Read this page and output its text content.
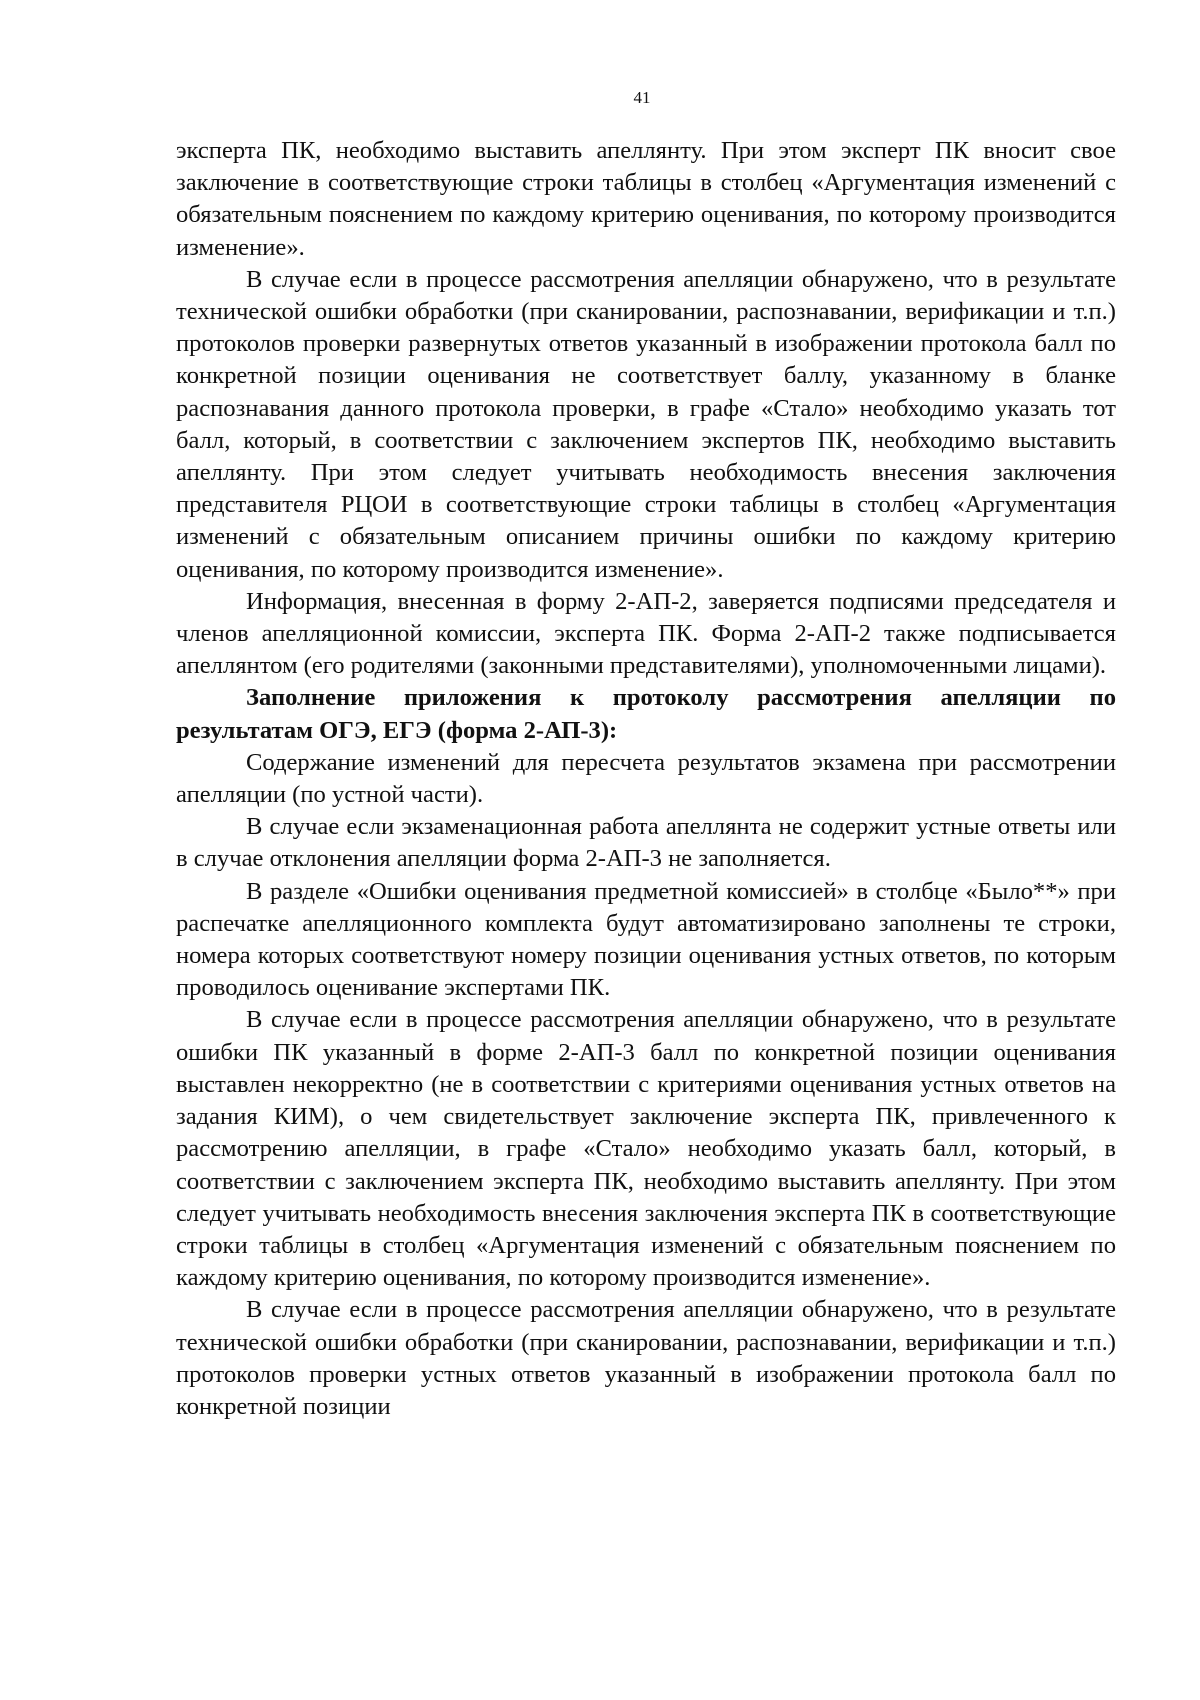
41

эксперта ПК, необходимо выставить апеллянту. При этом эксперт ПК вносит свое заключение в соответствующие строки таблицы в столбец «Аргументация изменений с обязательным пояснением по каждому критерию оценивания, по которому производится изменение».

В случае если в процессе рассмотрения апелляции обнаружено, что в результате технической ошибки обработки (при сканировании, распознавании, верификации и т.п.) протоколов проверки развернутых ответов указанный в изображении протокола балл по конкретной позиции оценивания не соответствует баллу, указанному в бланке распознавания данного протокола проверки, в графе «Стало» необходимо указать тот балл, который, в соответствии с заключением экспертов ПК, необходимо выставить апеллянту. При этом следует учитывать необходимость внесения заключения представителя РЦОИ в соответствующие строки таблицы в столбец «Аргументация изменений с обязательным описанием причины ошибки по каждому критерию оценивания, по которому производится изменение».

Информация, внесенная в форму 2-АП-2, заверяется подписями председателя и членов апелляционной комиссии, эксперта ПК. Форма 2-АП-2 также подписывается апеллянтом (его родителями (законными представителями), уполномоченными лицами).

Заполнение приложения к протоколу рассмотрения апелляции по результатам ОГЭ, ЕГЭ (форма 2-АП-3):

Содержание изменений для пересчета результатов экзамена при рассмотрении апелляции (по устной части).

В случае если экзаменационная работа апеллянта не содержит устные ответы или в случае отклонения апелляции форма 2-АП-3 не заполняется.

В разделе «Ошибки оценивания предметной комиссией» в столбце «Было**» при распечатке апелляционного комплекта будут автоматизировано заполнены те строки, номера которых соответствуют номеру позиции оценивания устных ответов, по которым проводилось оценивание экспертами ПК.

В случае если в процессе рассмотрения апелляции обнаружено, что в результате ошибки ПК указанный в форме 2-АП-3 балл по конкретной позиции оценивания выставлен некорректно (не в соответствии с критериями оценивания устных ответов на задания КИМ), о чем свидетельствует заключение эксперта ПК, привлеченного к рассмотрению апелляции, в графе «Стало» необходимо указать балл, который, в соответствии с заключением эксперта ПК, необходимо выставить апеллянту. При этом следует учитывать необходимость внесения заключения эксперта ПК в соответствующие строки таблицы в столбец «Аргументация изменений с обязательным пояснением по каждому критерию оценивания, по которому производится изменение».

В случае если в процессе рассмотрения апелляции обнаружено, что в результате технической ошибки обработки (при сканировании, распознавании, верификации и т.п.) протоколов проверки устных ответов указанный в изображении протокола балл по конкретной позиции
